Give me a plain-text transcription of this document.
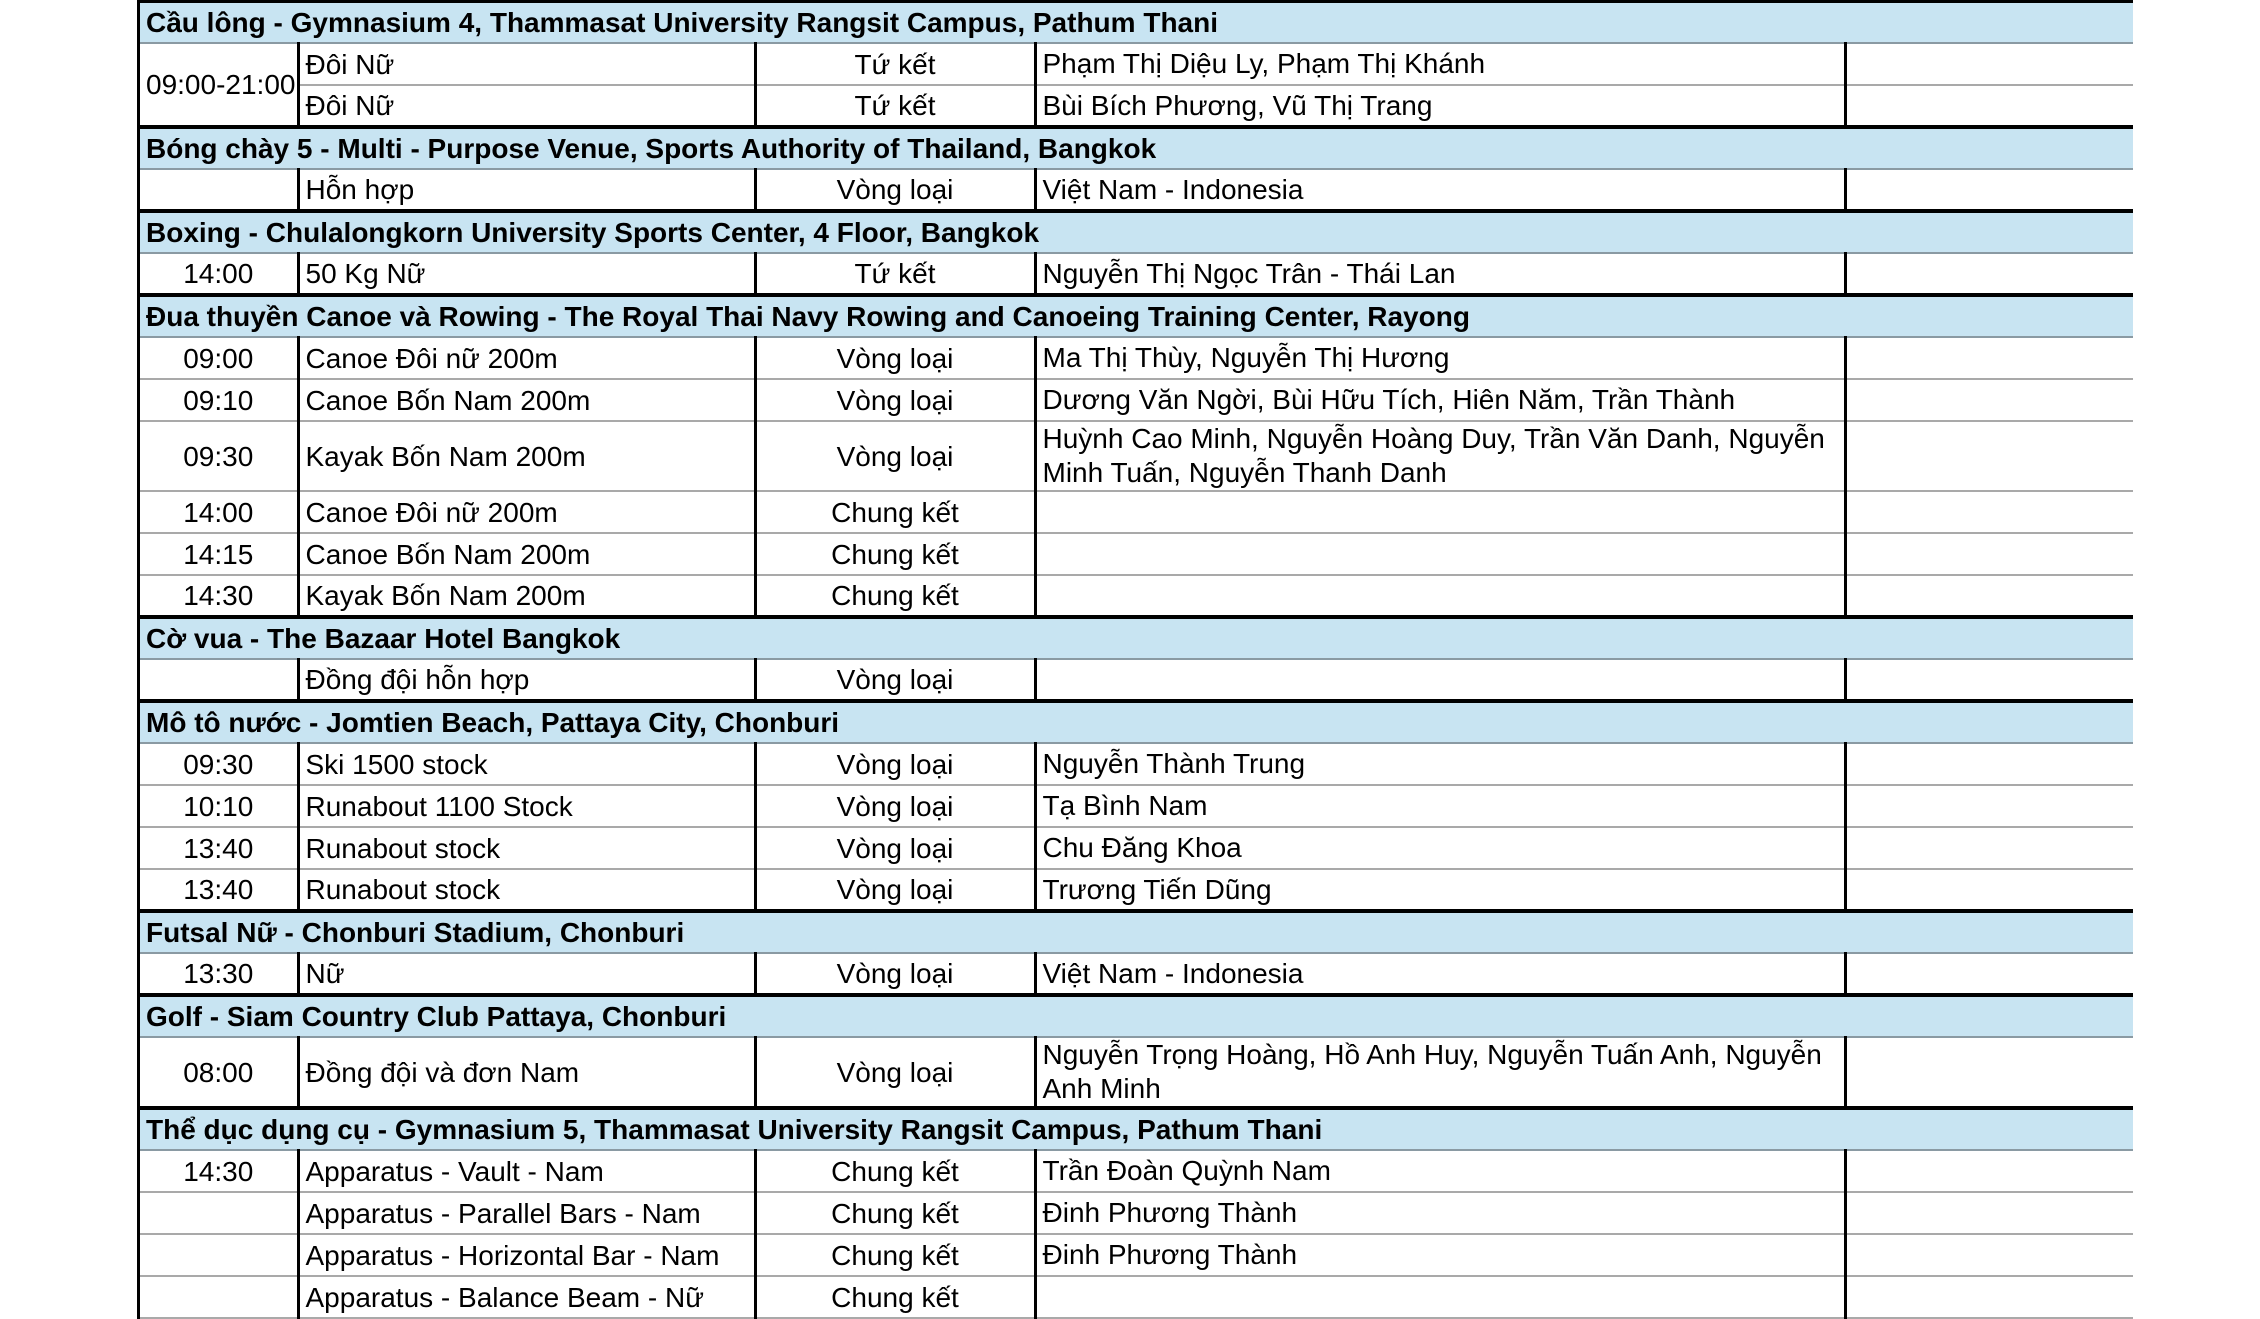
Cầu lông - Gymnasium 4, Thammasat University Rangsit Campus, Pathum Thani				
09:00-21:00	Đôi Nữ	Tứ kết	Phạm Thị Diệu Ly, Phạm Thị Khánh	
	Đôi Nữ	Tứ kết	Bùi Bích Phương, Vũ Thị Trang	
Bóng chày 5 - Multi - Purpose Venue, Sports Authority of Thailand, Bangkok				
	Hỗn hợp	Vòng loại	Việt Nam - Indonesia	
Boxing - Chulalongkorn University Sports Center, 4 Floor, Bangkok				
14:00	50 Kg Nữ	Tứ kết	Nguyễn Thị Ngọc Trân - Thái Lan	
Đua thuyền Canoe và Rowing - The Royal Thai Navy Rowing and Canoeing Training Center, Rayong				
09:00	Canoe Đôi nữ 200m	Vòng loại	Ma Thị Thùy, Nguyễn Thị Hương	
09:10	Canoe Bốn Nam 200m	Vòng loại	Dương Văn Ngời, Bùi Hữu Tích, Hiên Năm, Trần Thành	
09:30	Kayak Bốn Nam 200m	Vòng loại	Huỳnh Cao Minh, Nguyễn Hoàng Duy, Trần Văn Danh, Nguyễn Minh Tuấn, Nguyễn Thanh Danh	
14:00	Canoe Đôi nữ 200m	Chung kết		
14:15	Canoe Bốn Nam 200m	Chung kết		
14:30	Kayak Bốn Nam 200m	Chung kết		
Cờ vua - The Bazaar Hotel Bangkok				
	Đồng đội hỗn hợp	Vòng loại		
Mô tô nước - Jomtien Beach, Pattaya City, Chonburi				
09:30	Ski 1500 stock	Vòng loại	Nguyễn Thành Trung	
10:10	Runabout 1100 Stock	Vòng loại	Tạ Bình Nam	
13:40	Runabout stock	Vòng loại	Chu Đăng Khoa	
13:40	Runabout stock	Vòng loại	Trương Tiến Dũng	
Futsal Nữ - Chonburi Stadium, Chonburi				
13:30	Nữ	Vòng loại	Việt Nam - Indonesia	
Golf - Siam Country Club Pattaya, Chonburi				
08:00	Đồng đội và đơn Nam	Vòng loại	Nguyễn Trọng Hoàng, Hồ Anh Huy, Nguyễn Tuấn Anh, Nguyễn Anh Minh	
Thể dục dụng cụ - Gymnasium 5, Thammasat University Rangsit Campus, Pathum Thani				
14:30	Apparatus - Vault - Nam	Chung kết	Trần Đoàn Quỳnh Nam	
	Apparatus - Parallel Bars - Nam	Chung kết	Đinh Phương Thành	
	Apparatus - Horizontal Bar - Nam	Chung kết	Đinh Phương Thành	
	Apparatus - Balance Beam - Nữ	Chung kết		
